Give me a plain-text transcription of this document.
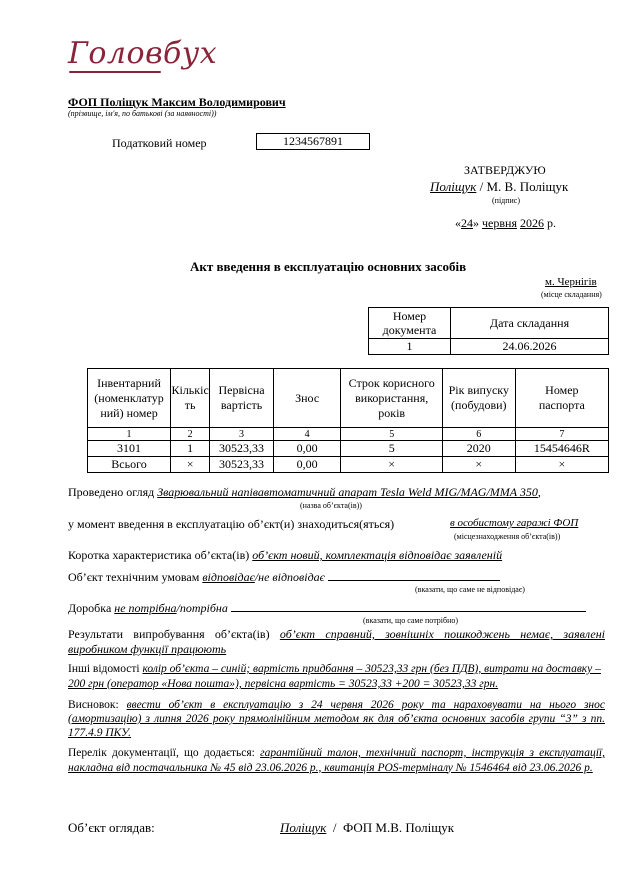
Головбух
ФОП Поліщук Максим Володимирович
(прізвище, ім'я, по батькові (за наявності))
Податковий номер	1234567891
ЗАТВЕРДЖУЮ
Поліщук / М. В. Поліщук
(підпис)
«24» червня 2026 р.
Акт введення в експлуатацію основних засобів
м. Чернігів
(місце складання)
Номер
документа	Дата складання
1	24.06.2026
Інвентарний
(номенклатур
ний) номер	Кількіс
ть	Первісна
вартість	Знос	Строк корисного
використання,
років	Рік випуску
(побудови)	Номер
паспорта
1	2	3	4	5	6	7
3101	1	30523,33	0,00	5	2020	15454646R
Всього	×	30523,33	0,00	×	×	×
Проведено огляд Зварювальний напівавтоматичний апарат Tesla Weld MIG/MAG/MMA 350,
(назва об’єкта(ів))
у момент введення в експлуатацію об’єкт(и) знаходиться(яться)	в особистому гаражі ФОП
(місцезнаходження об’єкта(ів))
Коротка характеристика об’єкта(ів) об’єкт новий, комплектація відповідає заявленій
Об’єкт технічним умовам відповідає/не відповідає
(вказати, що саме не відповідає)
Доробка не потрібна/потрібна
(вказати, що саме потрібно)
Результати випробування об’єкта(ів) об’єкт справний, зовнішніх пошкоджень немає, заявлені виробником функції працюють
Інші відомості колір об’єкта – синій; вартість придбання – 30523,33 грн (без ПДВ), витрати на доставку – 200 грн (оператор «Нова пошта»), первісна вартість = 30523,33 +200 = 30523,33 грн.
Висновок: ввести об’єкт в експлуатацію з 24 червня 2026 року та нараховувати на нього знос (амортизацію) з липня 2026 року прямолінійним методом як для об’єкта основних засобів групи “3” з пп. 177.4.9 ПКУ.
Перелік документації, що додається: гарантійний талон, технічний паспорт, інструкція з експлуатації, накладна від постачальника № 45 від 23.06.2026 р., квитанція POS-терміналу № 1546464 від 23.06.2026 р.
Об’єкт оглядав:	Поліщук / ФОП М.В. Поліщук
